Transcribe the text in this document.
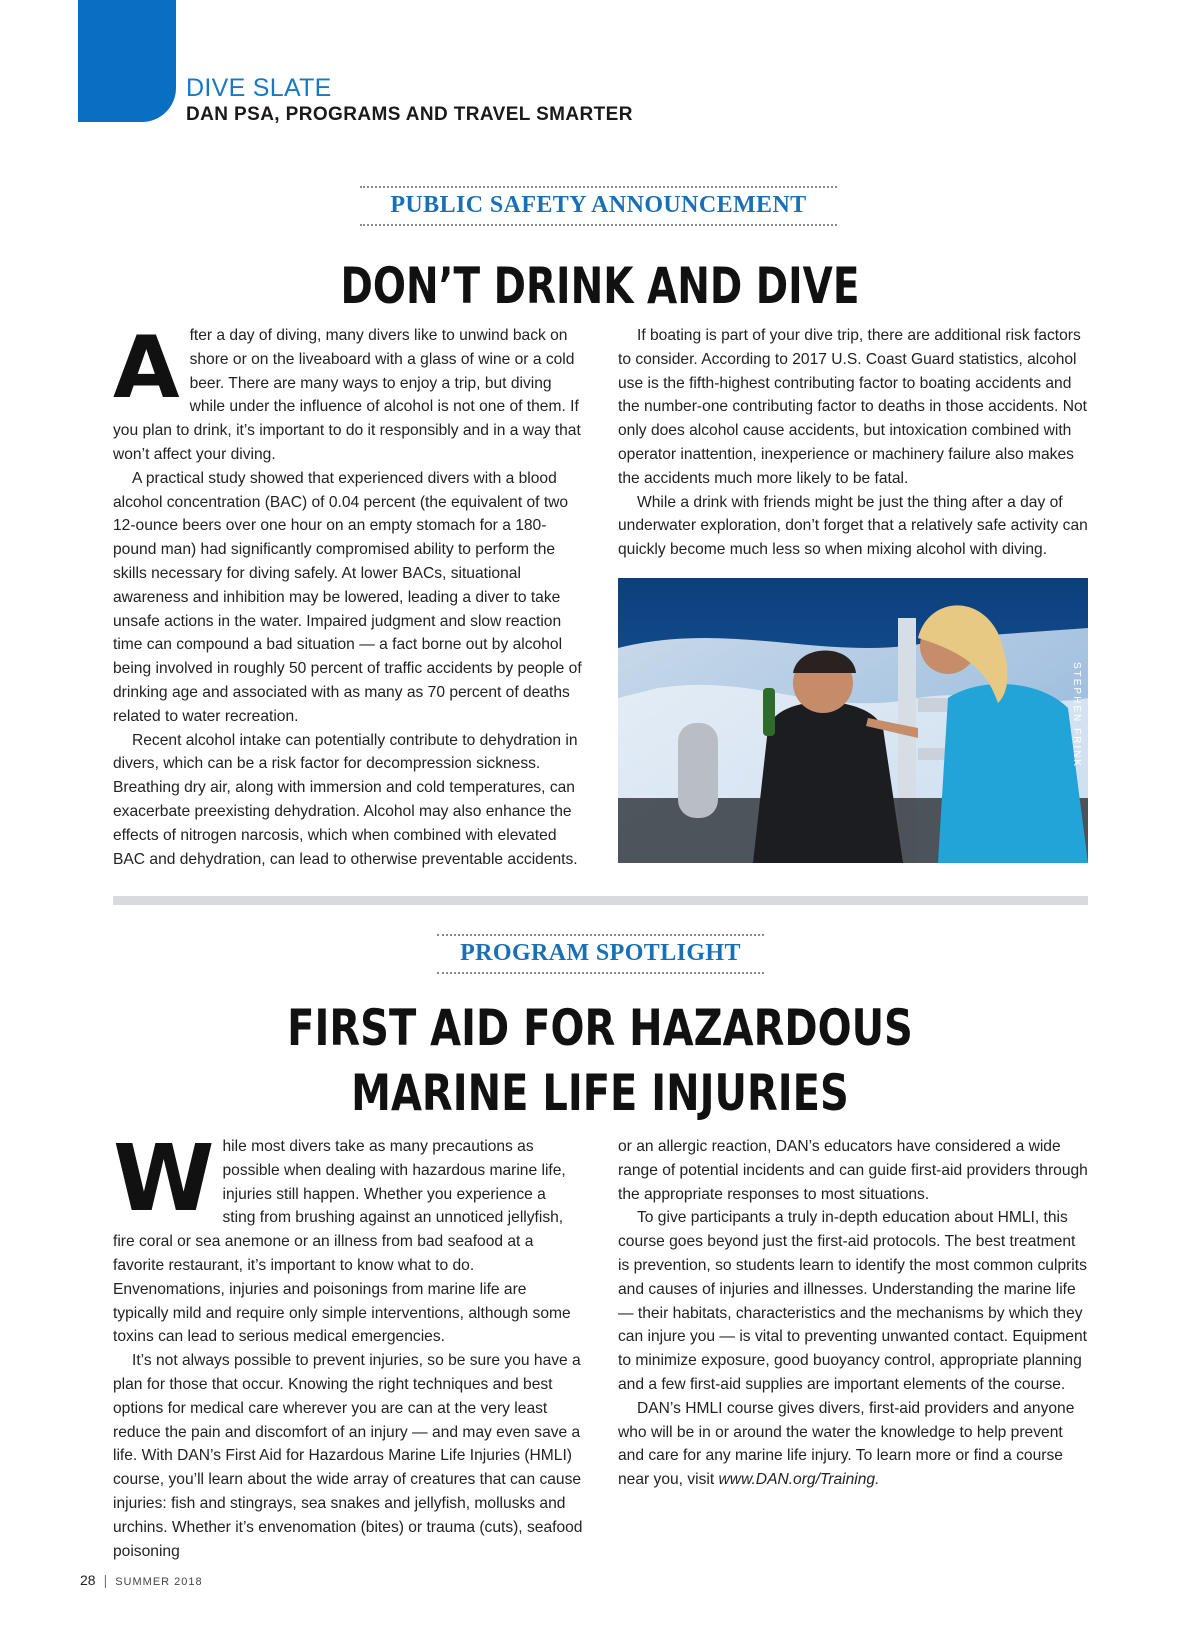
DIVE SLATE
DAN PSA, PROGRAMS AND TRAVEL SMARTER
PUBLIC SAFETY ANNOUNCEMENT
DON’T DRINK AND DIVE

After a day of diving, many divers like to unwind back on shore or on the liveaboard with a glass of wine or a cold beer. There are many ways to enjoy a trip, but diving while under the influence of alcohol is not one of them. If you plan to drink, it’s important to do it responsibly and in a way that won’t affect your diving.

A practical study showed that experienced divers with a blood alcohol concentration (BAC) of 0.04 percent (the equivalent of two 12-ounce beers over one hour on an empty stomach for a 180-pound man) had significantly compromised ability to perform the skills necessary for diving safely. At lower BACs, situational awareness and inhibition may be lowered, leading a diver to take unsafe actions in the water. Impaired judgment and slow reaction time can compound a bad situation — a fact borne out by alcohol being involved in roughly 50 percent of traffic accidents by people of drinking age and associated with as many as 70 percent of deaths related to water recreation.

Recent alcohol intake can potentially contribute to dehydration in divers, which can be a risk factor for decompression sickness. Breathing dry air, along with immersion and cold temperatures, can exacerbate preexisting dehydration. Alcohol may also enhance the effects of nitrogen narcosis, which when combined with elevated BAC and dehydration, can lead to otherwise preventable accidents.

If boating is part of your dive trip, there are additional risk factors to consider. According to 2017 U.S. Coast Guard statistics, alcohol use is the fifth-highest contributing factor to boating accidents and the number-one contributing factor to deaths in those accidents. Not only does alcohol cause accidents, but intoxication combined with operator inattention, inexperience or machinery failure also makes the accidents much more likely to be fatal.

While a drink with friends might be just the thing after a day of underwater exploration, don’t forget that a relatively safe activity can quickly become much less so when mixing alcohol with diving.

STEPHEN FRINK
PROGRAM SPOTLIGHT
FIRST AID FOR HAZARDOUS
MARINE LIFE INJURIES

While most divers take as many precautions as possible when dealing with hazardous marine life, injuries still happen. Whether you experience a sting from brushing against an unnoticed jellyfish, fire coral or sea anemone or an illness from bad seafood at a favorite restaurant, it’s important to know what to do. Envenomations, injuries and poisonings from marine life are typically mild and require only simple interventions, although some toxins can lead to serious medical emergencies.

It’s not always possible to prevent injuries, so be sure you have a plan for those that occur. Knowing the right techniques and best options for medical care wherever you are can at the very least reduce the pain and discomfort of an injury — and may even save a life. With DAN’s First Aid for Hazardous Marine Life Injuries (HMLI) course, you’ll learn about the wide array of creatures that can cause injuries: fish and stingrays, sea snakes and jellyfish, mollusks and urchins. Whether it’s envenomation (bites) or trauma (cuts), seafood poisoning

or an allergic reaction, DAN’s educators have considered a wide range of potential incidents and can guide first-aid providers through the appropriate responses to most situations.

To give participants a truly in-depth education about HMLI, this course goes beyond just the first-aid protocols. The best treatment is prevention, so students learn to identify the most common culprits and causes of injuries and illnesses. Understanding the marine life — their habitats, characteristics and the mechanisms by which they can injure you — is vital to preventing unwanted contact. Equipment to minimize exposure, good buoyancy control, appropriate planning and a few first-aid supplies are important elements of the course.

DAN’s HMLI course gives divers, first-aid providers and anyone who will be in or around the water the knowledge to help prevent and care for any marine life injury. To learn more or find a course near you, visit www.DAN.org/Training.

28 | SUMMER 2018
